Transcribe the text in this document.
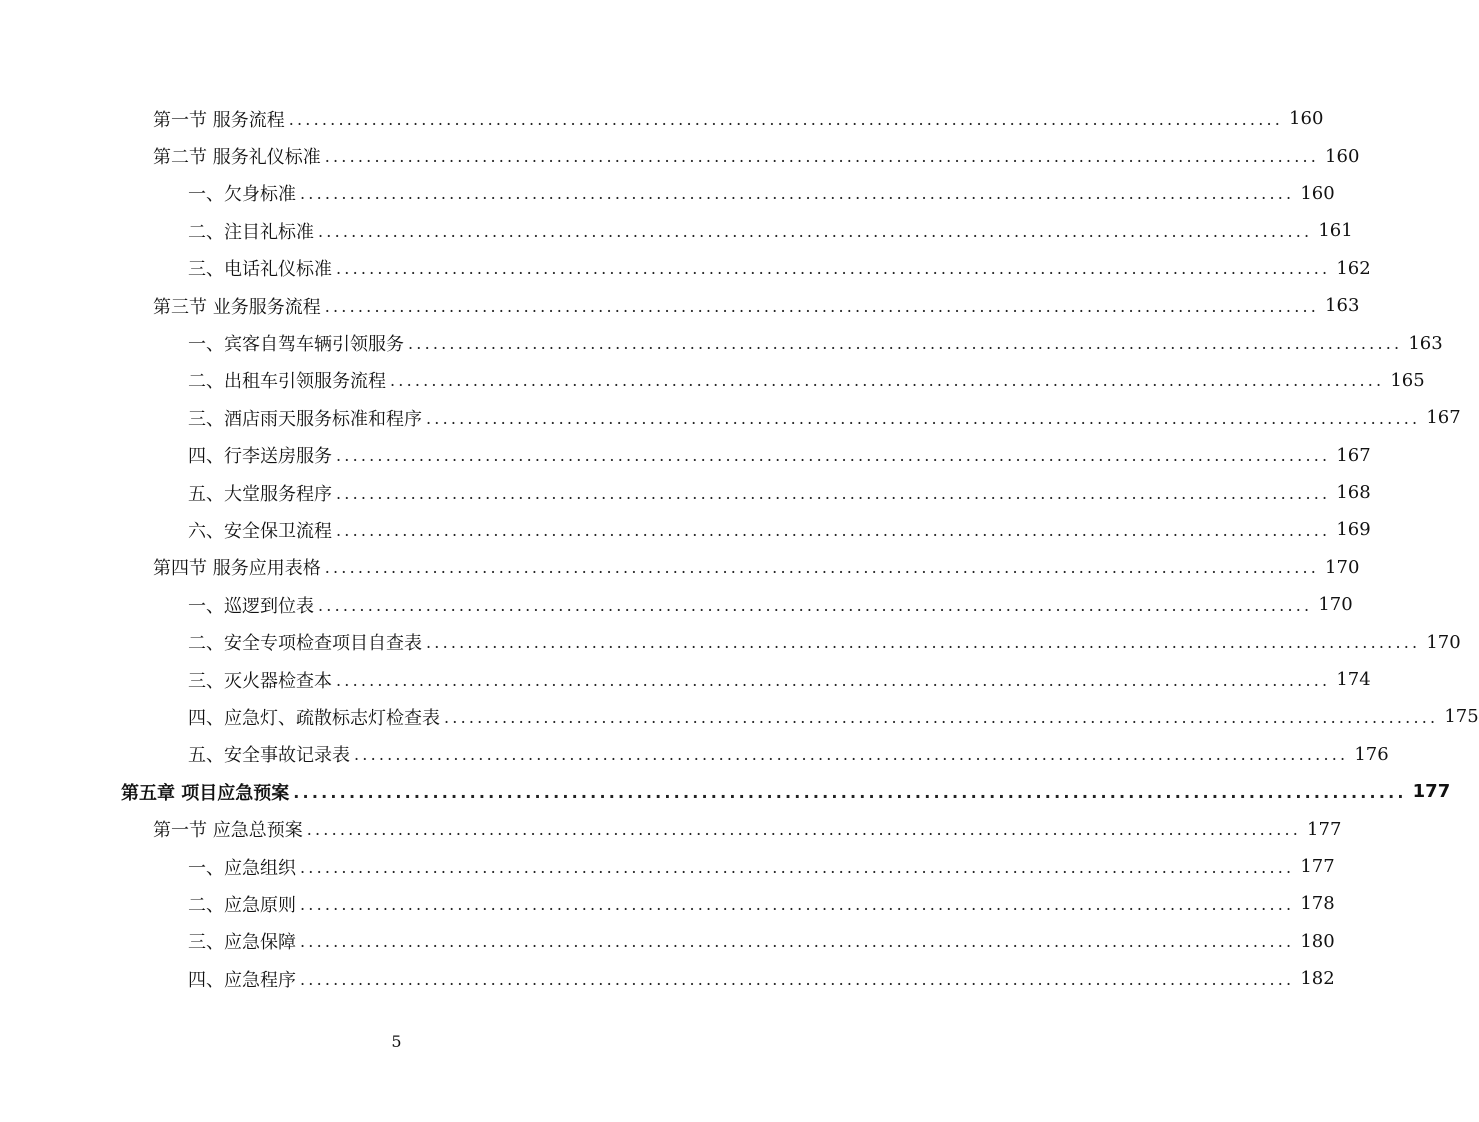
第一节 服务流程 ........................................................................................................................ 160
第二节 服务礼仪标准 ........................................................................................................................ 160
一、欠身标准 ........................................................................................................................ 160
二、注目礼标准 ........................................................................................................................ 161
三、电话礼仪标准 ........................................................................................................................ 162
第三节 业务服务流程 ........................................................................................................................ 163
一、宾客自驾车辆引领服务 ........................................................................................................................ 163
二、出租车引领服务流程 ........................................................................................................................ 165
三、酒店雨天服务标准和程序 ........................................................................................................................ 167
四、行李送房服务 ........................................................................................................................ 167
五、大堂服务程序 ........................................................................................................................ 168
六、安全保卫流程 ........................................................................................................................ 169
第四节 服务应用表格 ........................................................................................................................ 170
一、巡逻到位表 ........................................................................................................................ 170
二、安全专项检查项目自查表 ........................................................................................................................ 170
三、灭火器检查本 ........................................................................................................................ 174
四、应急灯、疏散标志灯检查表 ........................................................................................................................ 175
五、安全事故记录表 ........................................................................................................................ 176
第五章 项目应急预案 ........................................................................................................................ 177
第一节 应急总预案 ........................................................................................................................ 177
一、应急组织 ........................................................................................................................ 177
二、应急原则 ........................................................................................................................ 178
三、应急保障 ........................................................................................................................ 180
四、应急程序 ........................................................................................................................ 182
5
